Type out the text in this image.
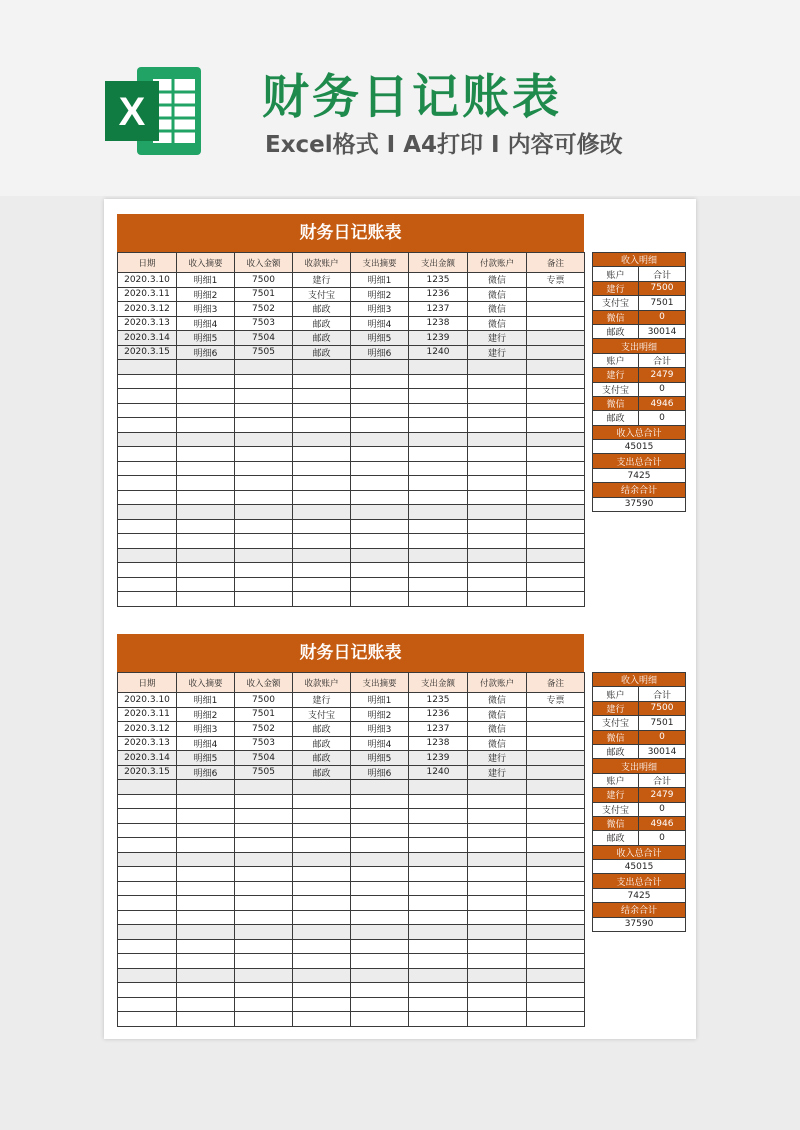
X 财务日记账表
Excel格式 I A4打印 I 内容可修改
财务日记账表
日期	收入摘要	收入金额	收款账户	支出摘要	支出金额	付款账户	备注
2020.3.10	明细1	7500	建行	明细1	1235	微信	专票
2020.3.11	明细2	7501	支付宝	明细2	1236	微信	
2020.3.12	明细3	7502	邮政	明细3	1237	微信	
2020.3.13	明细4	7503	邮政	明细4	1238	微信	
2020.3.14	明细5	7504	邮政	明细5	1239	建行	
2020.3.15	明细6	7505	邮政	明细6	1240	建行	

收入明细	
账户	合计
建行	7500
支付宝	7501
微信	0
邮政	30014
支出明细	
账户	合计
建行	2479
支付宝	0
微信	4946
邮政	0
收入总合计	
45015	
支出总合计	
7425	
结余合计	
37590	
财务日记账表
日期	收入摘要	收入金额	收款账户	支出摘要	支出金额	付款账户	备注
2020.3.10	明细1	7500	建行	明细1	1235	微信	专票
2020.3.11	明细2	7501	支付宝	明细2	1236	微信	
2020.3.12	明细3	7502	邮政	明细3	1237	微信	
2020.3.13	明细4	7503	邮政	明细4	1238	微信	
2020.3.14	明细5	7504	邮政	明细5	1239	建行	
2020.3.15	明细6	7505	邮政	明细6	1240	建行	

收入明细	
账户	合计
建行	7500
支付宝	7501
微信	0
邮政	30014
支出明细	
账户	合计
建行	2479
支付宝	0
微信	4946
邮政	0
收入总合计	
45015	
支出总合计	
7425	
结余合计	
37590	
